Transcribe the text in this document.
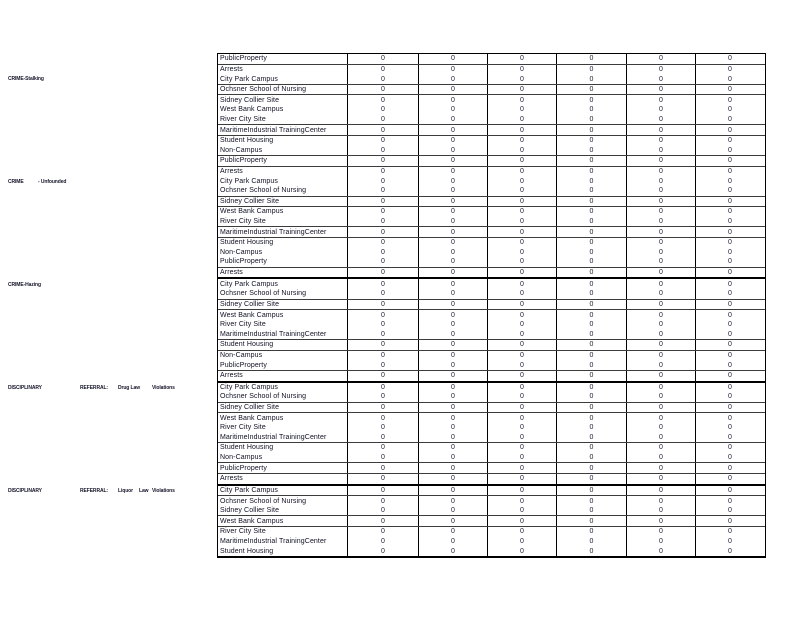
PublicProperty	0	0	0	0	0	0
Arrests	0	0	0	0	0	0
City Park Campus	0	0	0	0	0	0
Ochsner School of Nursing	0	0	0	0	0	0
Sidney Collier Site	0	0	0	0	0	0
West Bank Campus	0	0	0	0	0	0
River City Site	0	0	0	0	0	0
MaritimeIndustrial TrainingCenter	0	0	0	0	0	0
Student Housing	0	0	0	0	0	0
Non-Campus	0	0	0	0	0	0
PublicProperty	0	0	0	0	0	0
Arrests	0	0	0	0	0	0
City Park Campus	0	0	0	0	0	0
Ochsner School of Nursing	0	0	0	0	0	0
Sidney Collier Site	0	0	0	0	0	0
West Bank Campus	0	0	0	0	0	0
River City Site	0	0	0	0	0	0
MaritimeIndustrial TrainingCenter	0	0	0	0	0	0
Student Housing	0	0	0	0	0	0
Non-Campus	0	0	0	0	0	0
PublicProperty	0	0	0	0	0	0
Arrests	0	0	0	0	0	0
City Park Campus	0	0	0	0	0	0
Ochsner School of Nursing	0	0	0	0	0	0
Sidney Collier Site	0	0	0	0	0	0
West Bank Campus	0	0	0	0	0	0
River City Site	0	0	0	0	0	0
MaritimeIndustrial TrainingCenter	0	0	0	0	0	0
Student Housing	0	0	0	0	0	0
Non-Campus	0	0	0	0	0	0
PublicProperty	0	0	0	0	0	0
Arrests	0	0	0	0	0	0
City Park Campus	0	0	0	0	0	0
Ochsner School of Nursing	0	0	0	0	0	0
Sidney Collier Site	0	0	0	0	0	0
West Bank Campus	0	0	0	0	0	0
River City Site	0	0	0	0	0	0
MaritimeIndustrial TrainingCenter	0	0	0	0	0	0
Student Housing	0	0	0	0	0	0
Non-Campus	0	0	0	0	0	0
PublicProperty	0	0	0	0	0	0
Arrests	0	0	0	0	0	0
City Park Campus	0	0	0	0	0	0
Ochsner School of Nursing	0	0	0	0	0	0
Sidney Collier Site	0	0	0	0	0	0
West Bank Campus	0	0	0	0	0	0
River City Site	0	0	0	0	0	0
MaritimeIndustrial TrainingCenter	0	0	0	0	0	0
Student Housing	0	0	0	0	0	0
CRIME-Stalking
CRIME	- Unfounded
CRIME-Hazing
DISCIPLINARY	REFERRAL: Drug Law Violations
DISCIPLINARY	REFERRAL: Liquor Law Violations
